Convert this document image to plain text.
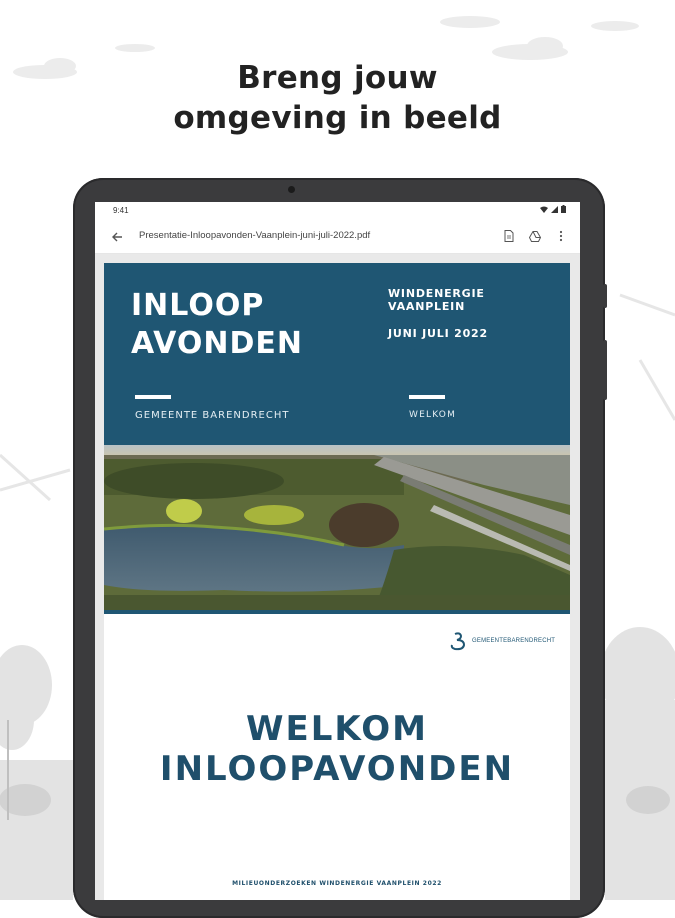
Breng jouw
omgeving in beeld
9:41
Presentatie-Inloopavonden-Vaanplein-juni-juli-2022.pdf
INLOOP
AVONDEN
WINDENERGIE
VAANPLEIN
JUNI JULI 2022
GEMEENTE BARENDRECHT	WELKOM
GEMEENTEBARENDRECHT
WELKOM
INLOOPAVONDEN
MILIEUONDERZOEKEN WINDENERGIE VAANPLEIN 2022
